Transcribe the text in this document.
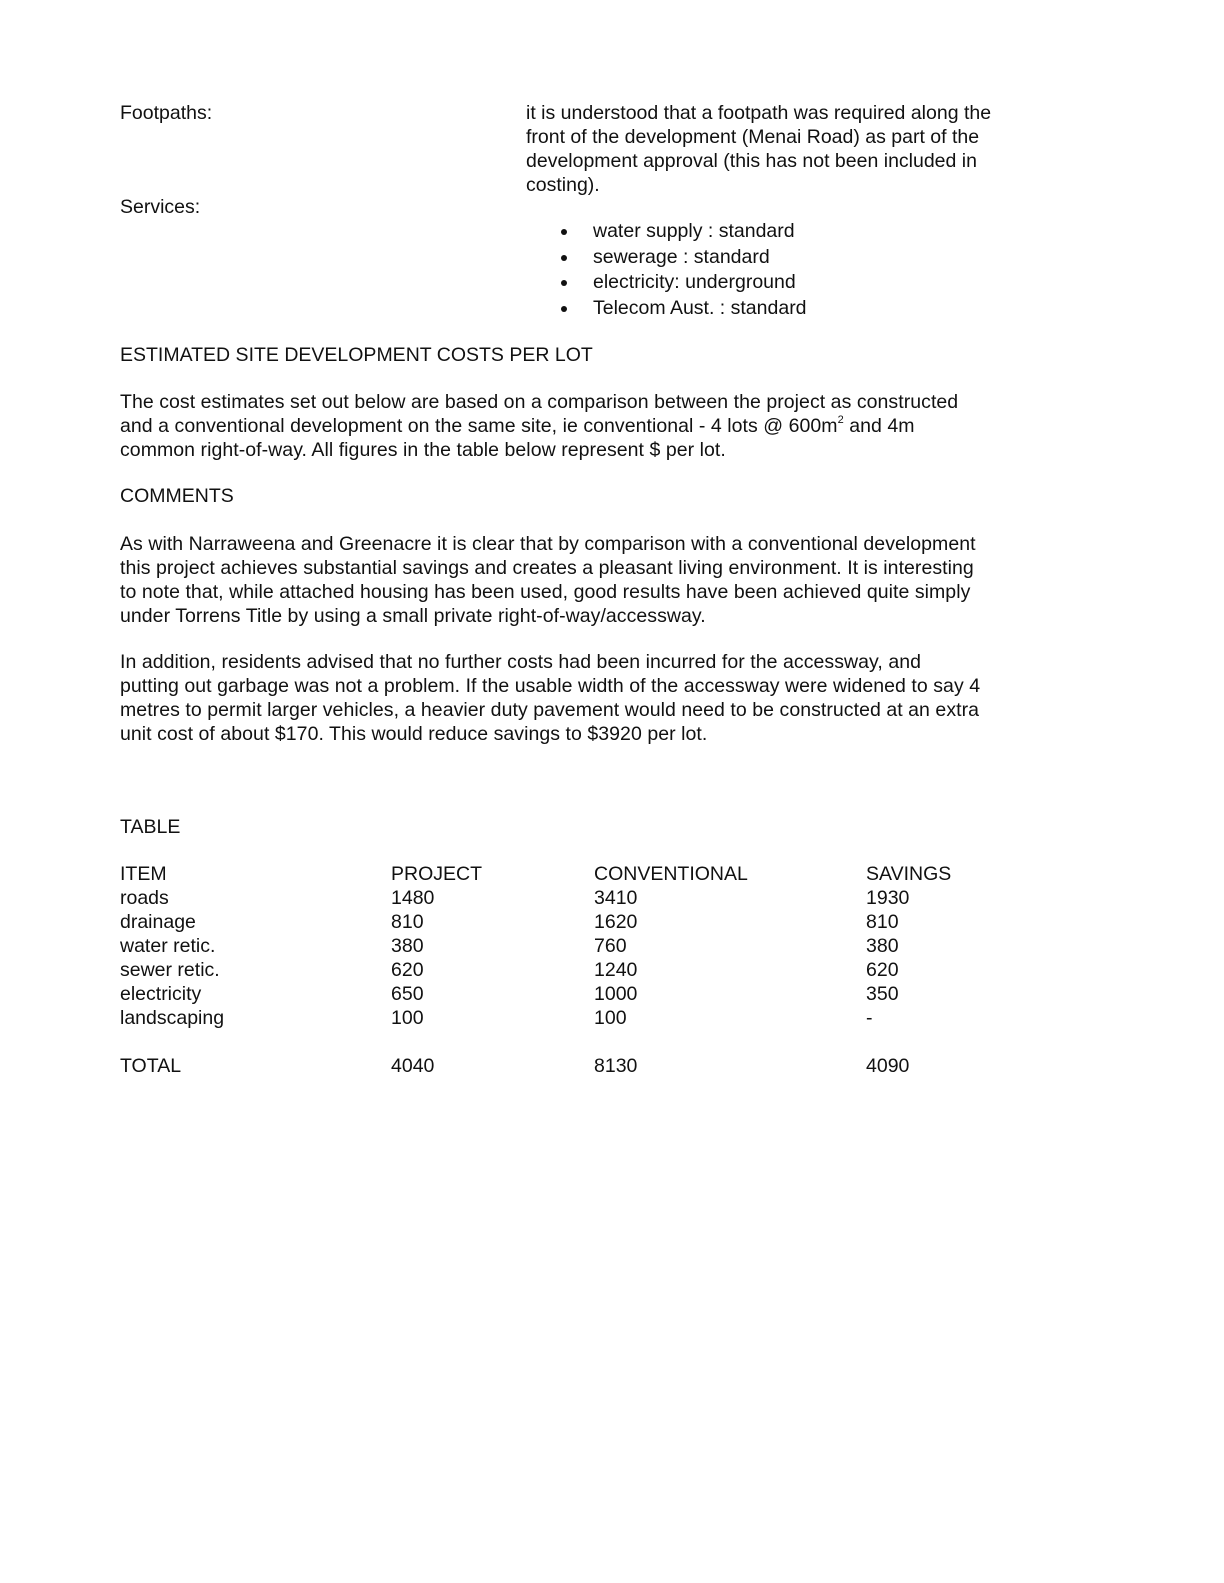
Footpaths:	it is understood that a footpath was required along the
front of the development (Menai Road) as part of the
development approval (this has not been included in
costing).
Services:
water supply : standard
sewerage : standard
electricity: underground
Telecom Aust. : standard
ESTIMATED SITE DEVELOPMENT COSTS PER LOT
The cost estimates set out below are based on a comparison between the project as constructed
and a conventional development on the same site, ie conventional - 4 lots @ $600m^2$ and 4m
common right-of-way. All figures in the table below represent $ per lot.
COMMENTS
As with Narraweena and Greenacre it is clear that by comparison with a conventional development
this project achieves substantial savings and creates a pleasant living environment. It is interesting
to note that, while attached housing has been used, good results have been achieved quite simply
under Torrens Title by using a small private right-of-way/accessway.
In addition, residents advised that no further costs had been incurred for the accessway, and
putting out garbage was not a problem. If the usable width of the accessway were widened to say 4
metres to permit larger vehicles, a heavier duty pavement would need to be constructed at an extra
unit cost of about $170. This would reduce savings to $3920 per lot.
TABLE
ITEM	PROJECT	CONVENTIONAL	SAVINGS
roads	1480	3410	1930
drainage	810	1620	810
water retic.	380	760	380
sewer retic.	620	1240	620
electricity	650	1000	350
landscaping	100	100	-
TOTAL	4040	8130	4090
